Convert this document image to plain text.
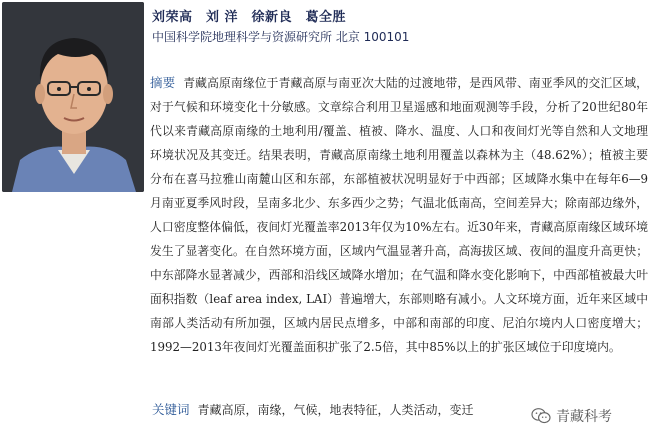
刘荣高　刘 洋　徐新良　葛全胜
中国科学院地理科学与资源研究所 北京 100101
摘要 青藏高原南缘位于青藏高原与南亚次大陆的过渡地带，是西风带、南亚季风的交汇区域，对于气候和环境变化十分敏感。文章综合利用卫星遥感和地面观测等手段，分析了20世纪80年代以来青藏高原南缘的土地利用/覆盖、植被、降水、温度、人口和夜间灯光等自然和人文地理环境状况及其变迁。结果表明，青藏高原南缘土地利用覆盖以森林为主（48.62%）；植被主要分布在喜马拉雅山南麓山区和东部，东部植被状况明显好于中西部；区域降水集中在每年6—9月南亚夏季风时段，呈南多北少、东多西少之势；气温北低南高，空间差异大；除南部边缘外，人口密度整体偏低，夜间灯光覆盖率2013年仅为10%左右。近30年来，青藏高原南缘区域环境发生了显著变化。在自然环境方面，区域内气温显著升高，高海拔区域、夜间的温度升高更快；中东部降水显著减少，西部和沿线区域降水增加；在气温和降水变化影响下，中西部植被最大叶面积指数（leaf area index, LAI）普遍增大，东部则略有减小。人文环境方面，近年来区域中南部人类活动有所加强，区域内居民点增多，中部和南部的印度、尼泊尔境内人口密度增大；1992—2013年夜间灯光覆盖面积扩张了2.5倍，其中85%以上的扩张区域位于印度境内。
关键词 青藏高原，南缘，气候，地表特征，人类活动，变迁	青藏科考
